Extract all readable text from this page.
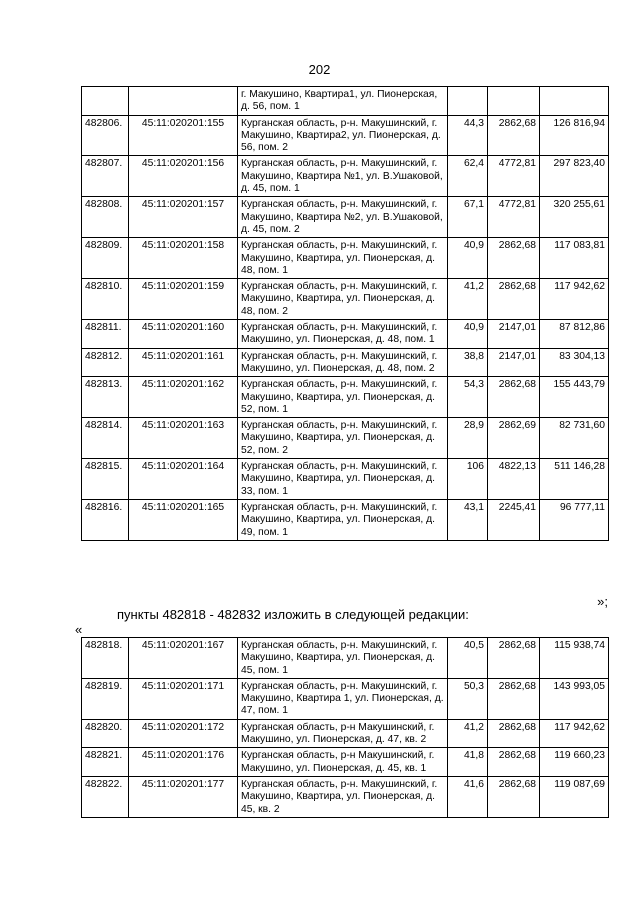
202
		г. Макушино, Квартира1, ул. Пионерская, д. 56, пом. 1			
482806.	45:11:020201:155	Курганская область, р-н. Макушинский, г. Макушино, Квартира2, ул. Пионерская, д. 56, пом. 2	44,3	2862,68	126 816,94
482807.	45:11:020201:156	Курганская область, р-н. Макушинский, г. Макушино, Квартира №1, ул. В.Ушаковой, д. 45, пом. 1	62,4	4772,81	297 823,40
482808.	45:11:020201:157	Курганская область, р-н. Макушинский, г. Макушино, Квартира №2, ул. В.Ушаковой, д. 45, пом. 2	67,1	4772,81	320 255,61
482809.	45:11:020201:158	Курганская область, р-н. Макушинский, г. Макушино, Квартира, ул. Пионерская, д. 48, пом. 1	40,9	2862,68	117 083,81
482810.	45:11:020201:159	Курганская область, р-н. Макушинский, г. Макушино, Квартира, ул. Пионерская, д. 48, пом. 2	41,2	2862,68	117 942,62
482811.	45:11:020201:160	Курганская область, р-н. Макушинский, г. Макушино, ул. Пионерская, д. 48, пом. 1	40,9	2147,01	87 812,86
482812.	45:11:020201:161	Курганская область, р-н. Макушинский, г. Макушино, ул. Пионерская, д. 48, пом. 2	38,8	2147,01	83 304,13
482813.	45:11:020201:162	Курганская область, р-н. Макушинский, г. Макушино, Квартира, ул. Пионерская, д. 52, пом. 1	54,3	2862,68	155 443,79
482814.	45:11:020201:163	Курганская область, р-н. Макушинский, г. Макушино, Квартира, ул. Пионерская, д. 52, пом. 2	28,9	2862,69	82 731,60
482815.	45:11:020201:164	Курганская область, р-н. Макушинский, г. Макушино, Квартира, ул. Пионерская, д. 33, пом. 1	106	4822,13	511 146,28
482816.	45:11:020201:165	Курганская область, р-н. Макушинский, г. Макушино, Квартира, ул. Пионерская, д. 49, пом. 1	43,1	2245,41	96 777,11
»;
пункты 482818 - 482832 изложить в следующей редакции:
«
482818.	45:11:020201:167	Курганская область, р-н. Макушинский, г. Макушино, Квартира, ул. Пионерская, д. 45, пом. 1	40,5	2862,68	115 938,74
482819.	45:11:020201:171	Курганская область, р-н. Макушинский, г. Макушино, Квартира 1, ул. Пионерская, д. 47, пом. 1	50,3	2862,68	143 993,05
482820.	45:11:020201:172	Курганская область, р-н Макушинский, г. Макушино, ул. Пионерская, д. 47, кв. 2	41,2	2862,68	117 942,62
482821.	45:11:020201:176	Курганская область, р-н Макушинский, г. Макушино, ул. Пионерская, д. 45, кв. 1	41,8	2862,68	119 660,23
482822.	45:11:020201:177	Курганская область, р-н. Макушинский, г. Макушино, Квартира, ул. Пионерская, д. 45, кв. 2	41,6	2862,68	119 087,69
